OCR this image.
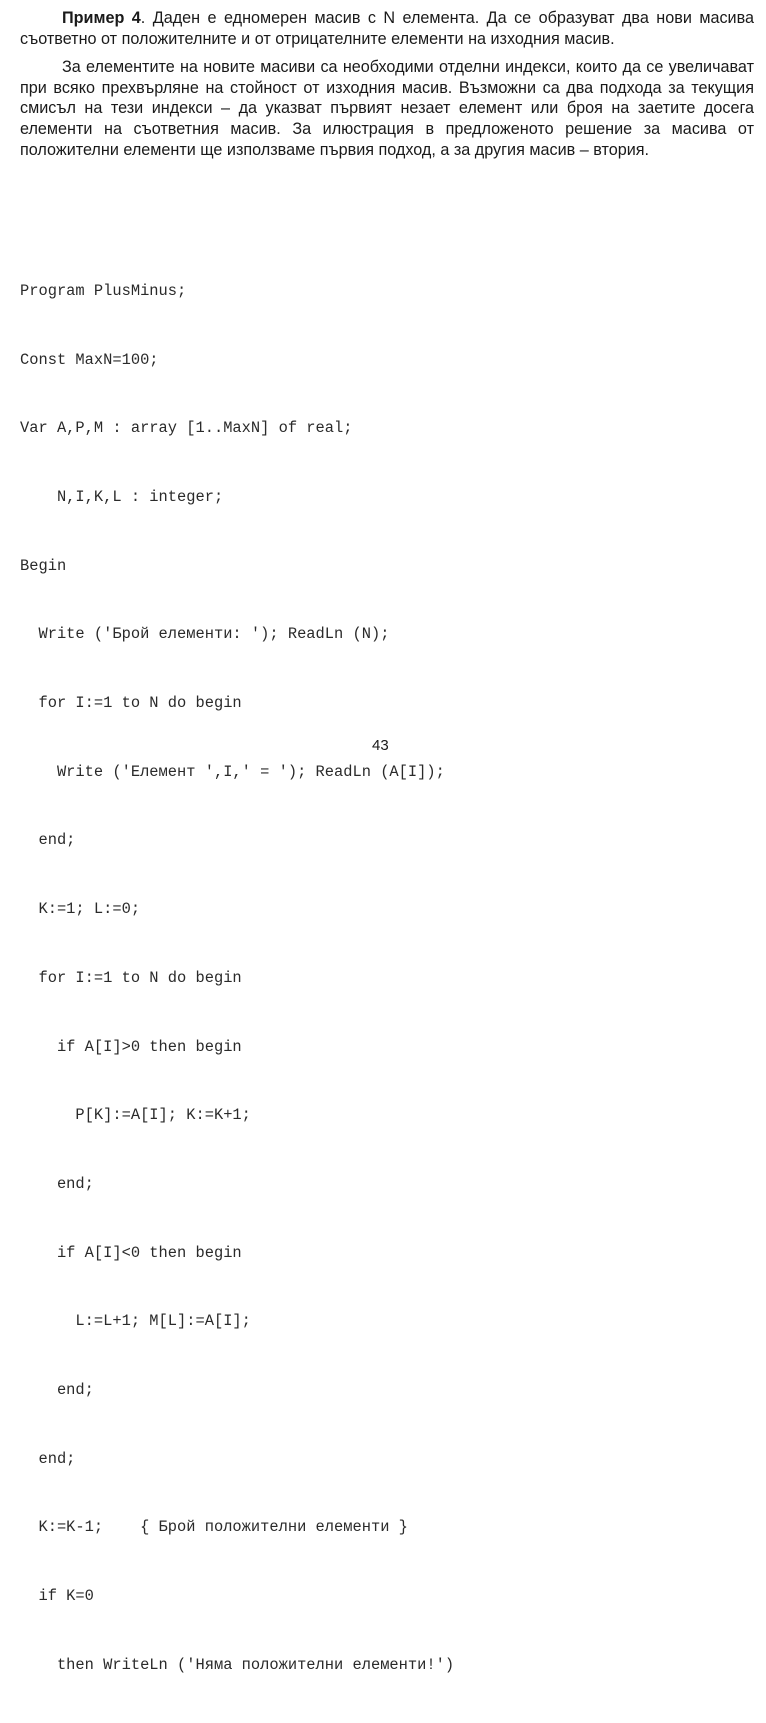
Пример 4. Даден е едномерен масив с N елемента. Да се образуват два нови масива съответно от положителните и от отрицателните елементи на изходния масив.

За елементите на новите масиви са необходими отделни индекси, които да се увеличават при всяко прехвърляне на стойност от изходния масив. Възможни са два подхода за текущия смисъл на тези индекси – да указват първият незает елемент или броя на заетите досега елементи на съответния масив. За илюстрация в предложеното решение за масива от положителни елементи ще използваме първия подход, а за другия масив – втория.

Program PlusMinus;

Const MaxN=100;

Var A,P,M : array [1..MaxN] of real;

N,I,K,L : integer;

Begin

Write ('Брой елементи: '); ReadLn (N);

for I:=1 to N do begin

Write ('Елемент ',I,' = '); ReadLn (A[I]);

end;

K:=1; L:=0;

for I:=1 to N do begin

if A[I]>0 then begin

P[K]:=A[I]; K:=K+1;

end;

if A[I]<0 then begin

L:=L+1; M[L]:=A[I];

end;

end;

K:=K-1;    { Брой положителни елементи }

if K=0

then WriteLn ('Няма положителни елементи!')

43
